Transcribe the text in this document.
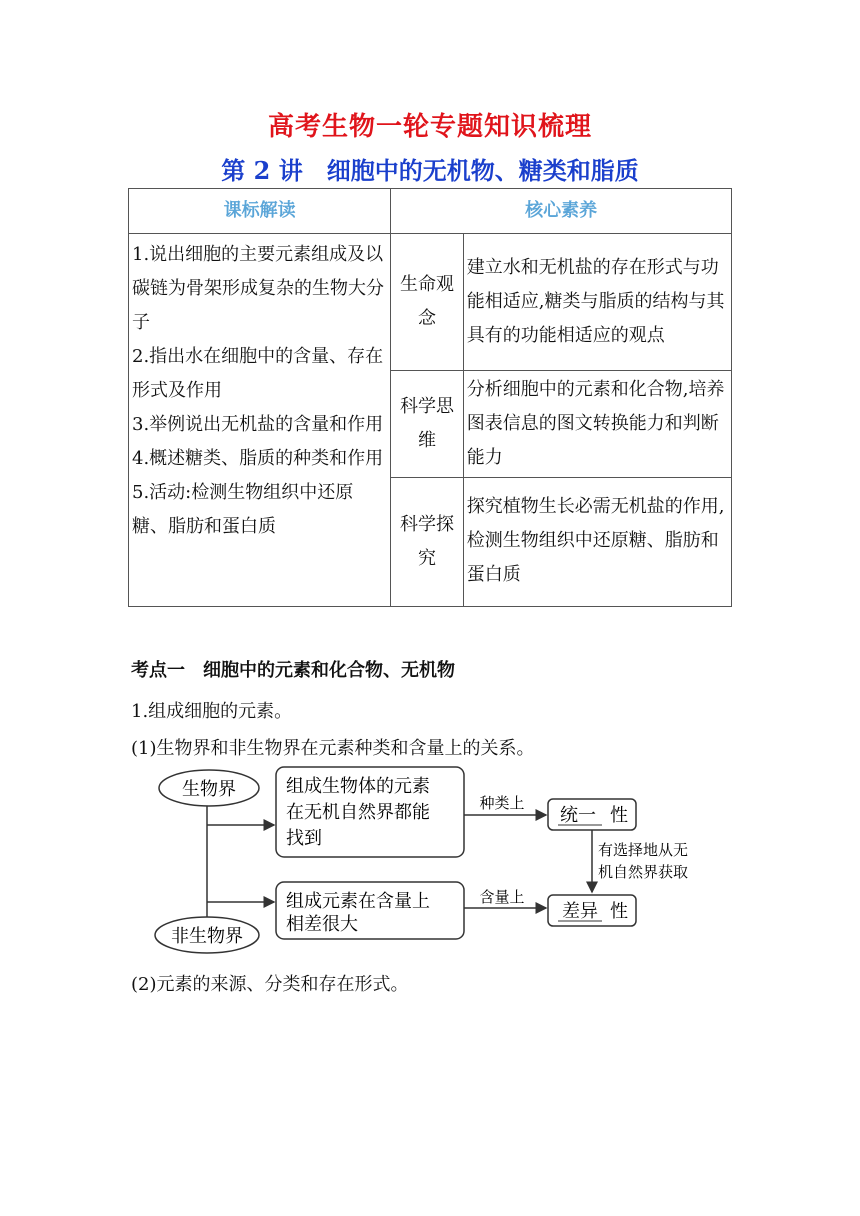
高考生物一轮专题知识梳理
第 2 讲　细胞中的无机物、糖类和脂质
课标解读	核心素养	

1.说出细胞的主要元素组成及以碳链为骨架形成复杂的生物大分子
2.指出水在细胞中的含量、存在形式及作用
3.举例说出无机盐的含量和作用
4.概述糖类、脂质的种类和作用
5.活动:检测生物组织中还原糖、脂肪和蛋白质	生命观念	建立水和无机盐的存在形式与功能相适应,糖类与脂质的结构与其具有的功能相适应的观点
	科学思维	分析细胞中的元素和化合物,培养图表信息的图文转换能力和判断能力
	科学探究	探究植物生长必需无机盐的作用,检测生物组织中还原糖、脂肪和蛋白质
考点一　细胞中的元素和化合物、无机物
1.组成细胞的元素。
(1)生物界和非生物界在元素种类和含量上的关系。
生物界
非生物界
组成生物体的元素
在无机自然界都能
找到
组成元素在含量上
相差很大
种类上
含量上
统一 性
差异 性
有选择地从无
机自然界获取
(2)元素的来源、分类和存在形式。
